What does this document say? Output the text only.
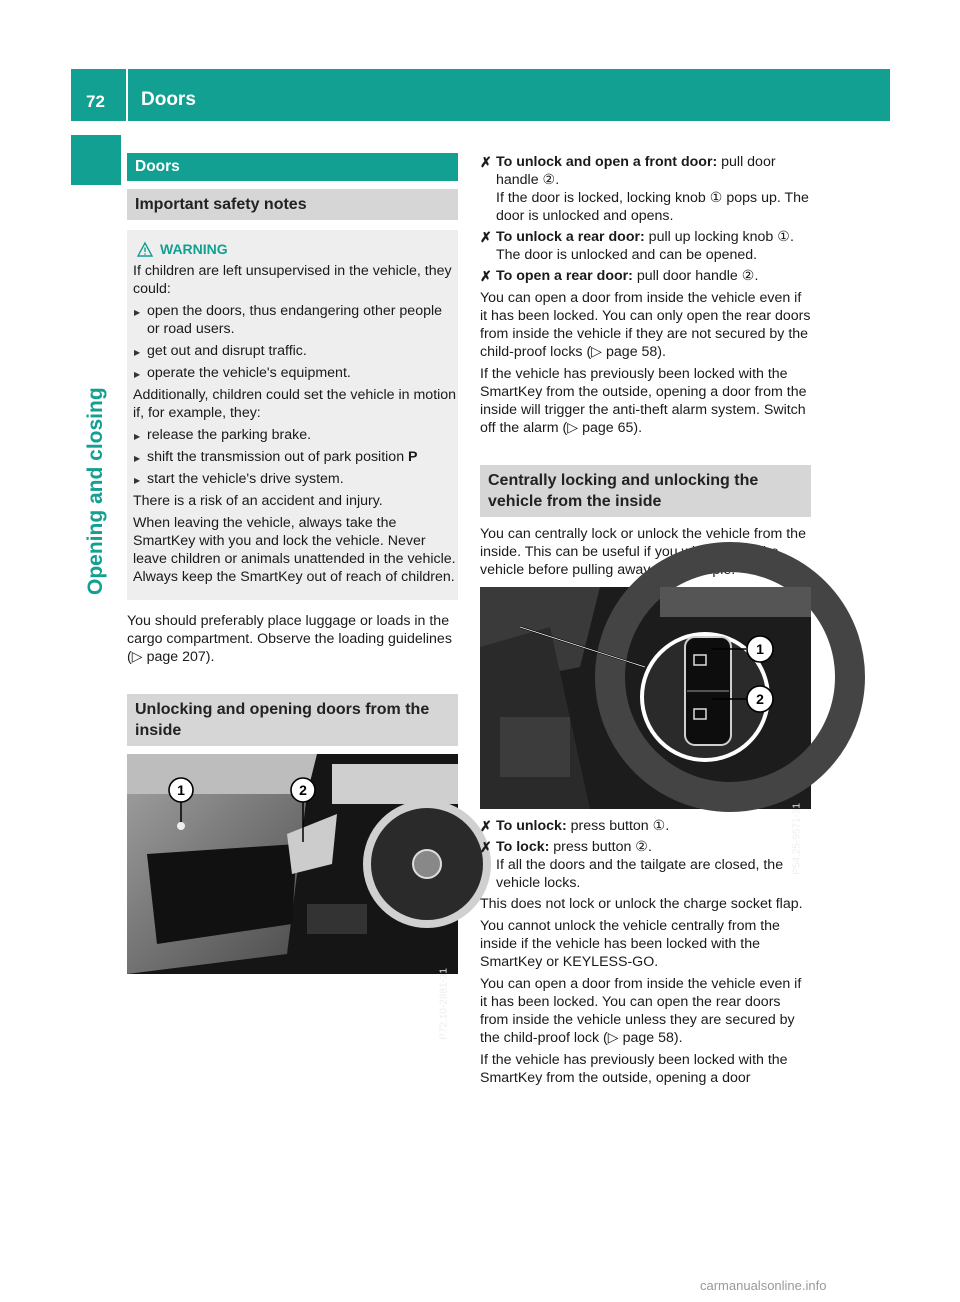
72 Doors
Opening and closing
Doors
Important safety notes
WARNING
If children are left unsupervised in the vehicle, they could:
▶ open the doors, thus endangering other people or road users.
▶ get out and disrupt traffic.
▶ operate the vehicle's equipment.
Additionally, children could set the vehicle in motion if, for example, they:
▶ release the parking brake.
▶ shift the transmission out of park position P
▶ start the vehicle's drive system.
There is a risk of an accident and injury.
When leaving the vehicle, always take the SmartKey with you and lock the vehicle. Never leave children or animals unattended in the vehicle. Always keep the SmartKey out of reach of children.
You should preferably place luggage or loads in the cargo compartment. Observe the loading guidelines (▷ page 207).
Unlocking and opening doors from the inside
1	2
P72.10-2881-31
✗ To unlock and open a front door: pull door handle ②.
If the door is locked, locking knob ① pops up. The door is unlocked and opens.
✗ To unlock a rear door: pull up locking knob ①.
The door is unlocked and can be opened.
✗ To open a rear door: pull door handle ②.
You can open a door from inside the vehicle even if it has been locked. You can only open the rear doors from inside the vehicle if they are not secured by the child-proof locks (▷ page 58).
If the vehicle has previously been locked with the SmartKey from the outside, opening a door from the inside will trigger the anti-theft alarm system. Switch off the alarm (▷ page 65).
Centrally locking and unlocking the vehicle from the inside
You can centrally lock or unlock the vehicle from the inside. This can be useful if you wish to lock the vehicle before pulling away, for example.
1
2
P54.25-9571-31
✗ To unlock: press button ①.
✗ To lock: press button ②.
If all the doors and the tailgate are closed, the vehicle locks.
This does not lock or unlock the charge socket flap.
You cannot unlock the vehicle centrally from the inside if the vehicle has been locked with the SmartKey or KEYLESS-GO.
You can open a door from inside the vehicle even if it has been locked. You can open the rear doors from inside the vehicle unless they are secured by the child-proof lock (▷ page 58).
If the vehicle has previously been locked with the SmartKey from the outside, opening a door
carmanualsonline.info
